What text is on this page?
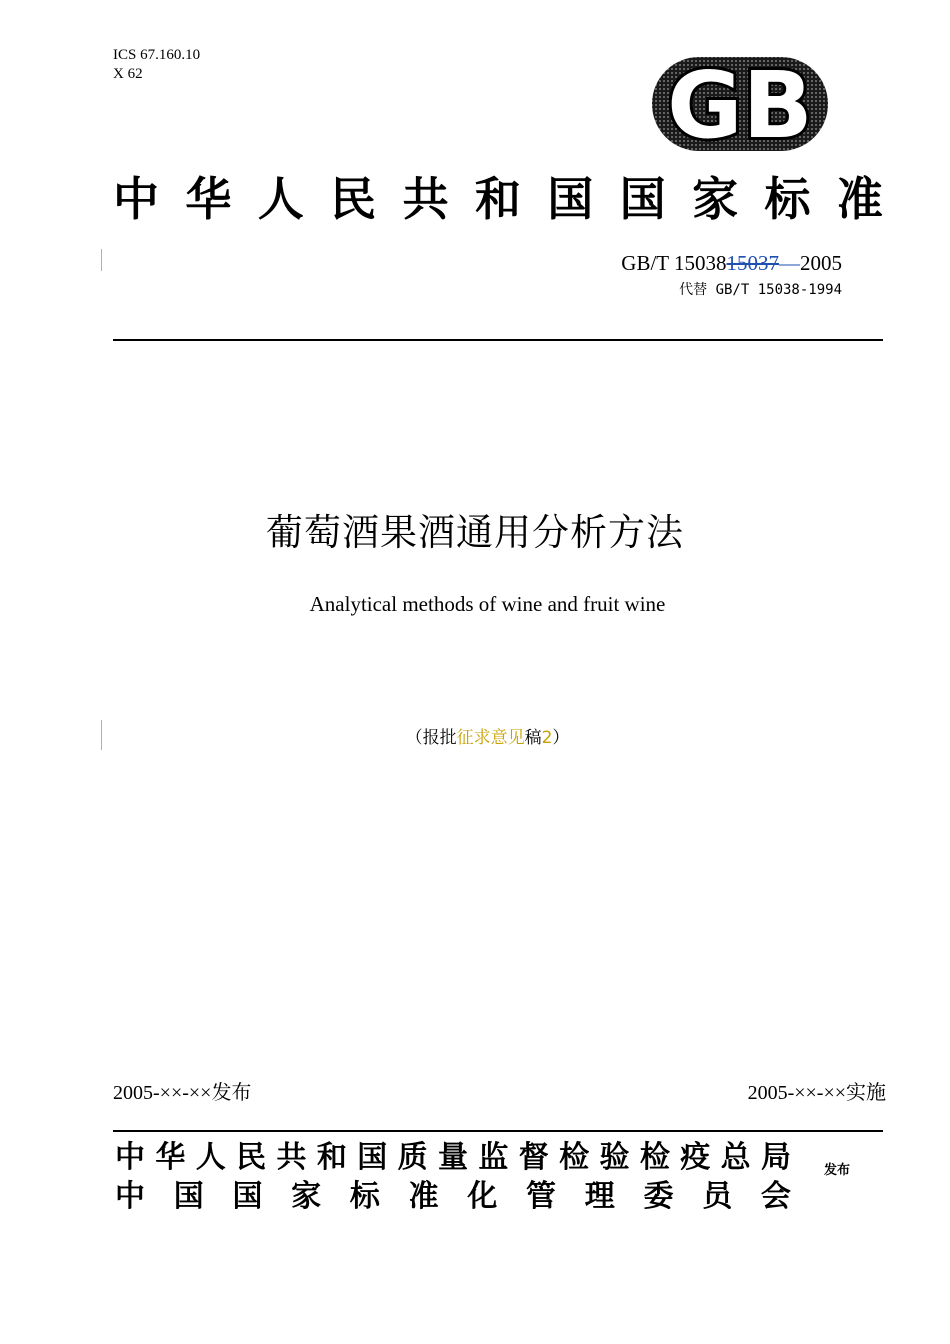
ICS 67.160.10
X 62	GB
中 华 人 民 共 和 国 国 家 标 准
GB/T 1503815037—2005
代替 GB/T 15038-1994
葡萄酒果酒通用分析方法
Analytical methods of wine and fruit wine
（报批征求意见稿2）
2005-××-××发布	2005-××-××实施
中 华 人 民 共 和 国 质 量 监 督 检 验 检 疫 总 局
中 国 国 家 标 准 化 管 理 委 员 会
发布
